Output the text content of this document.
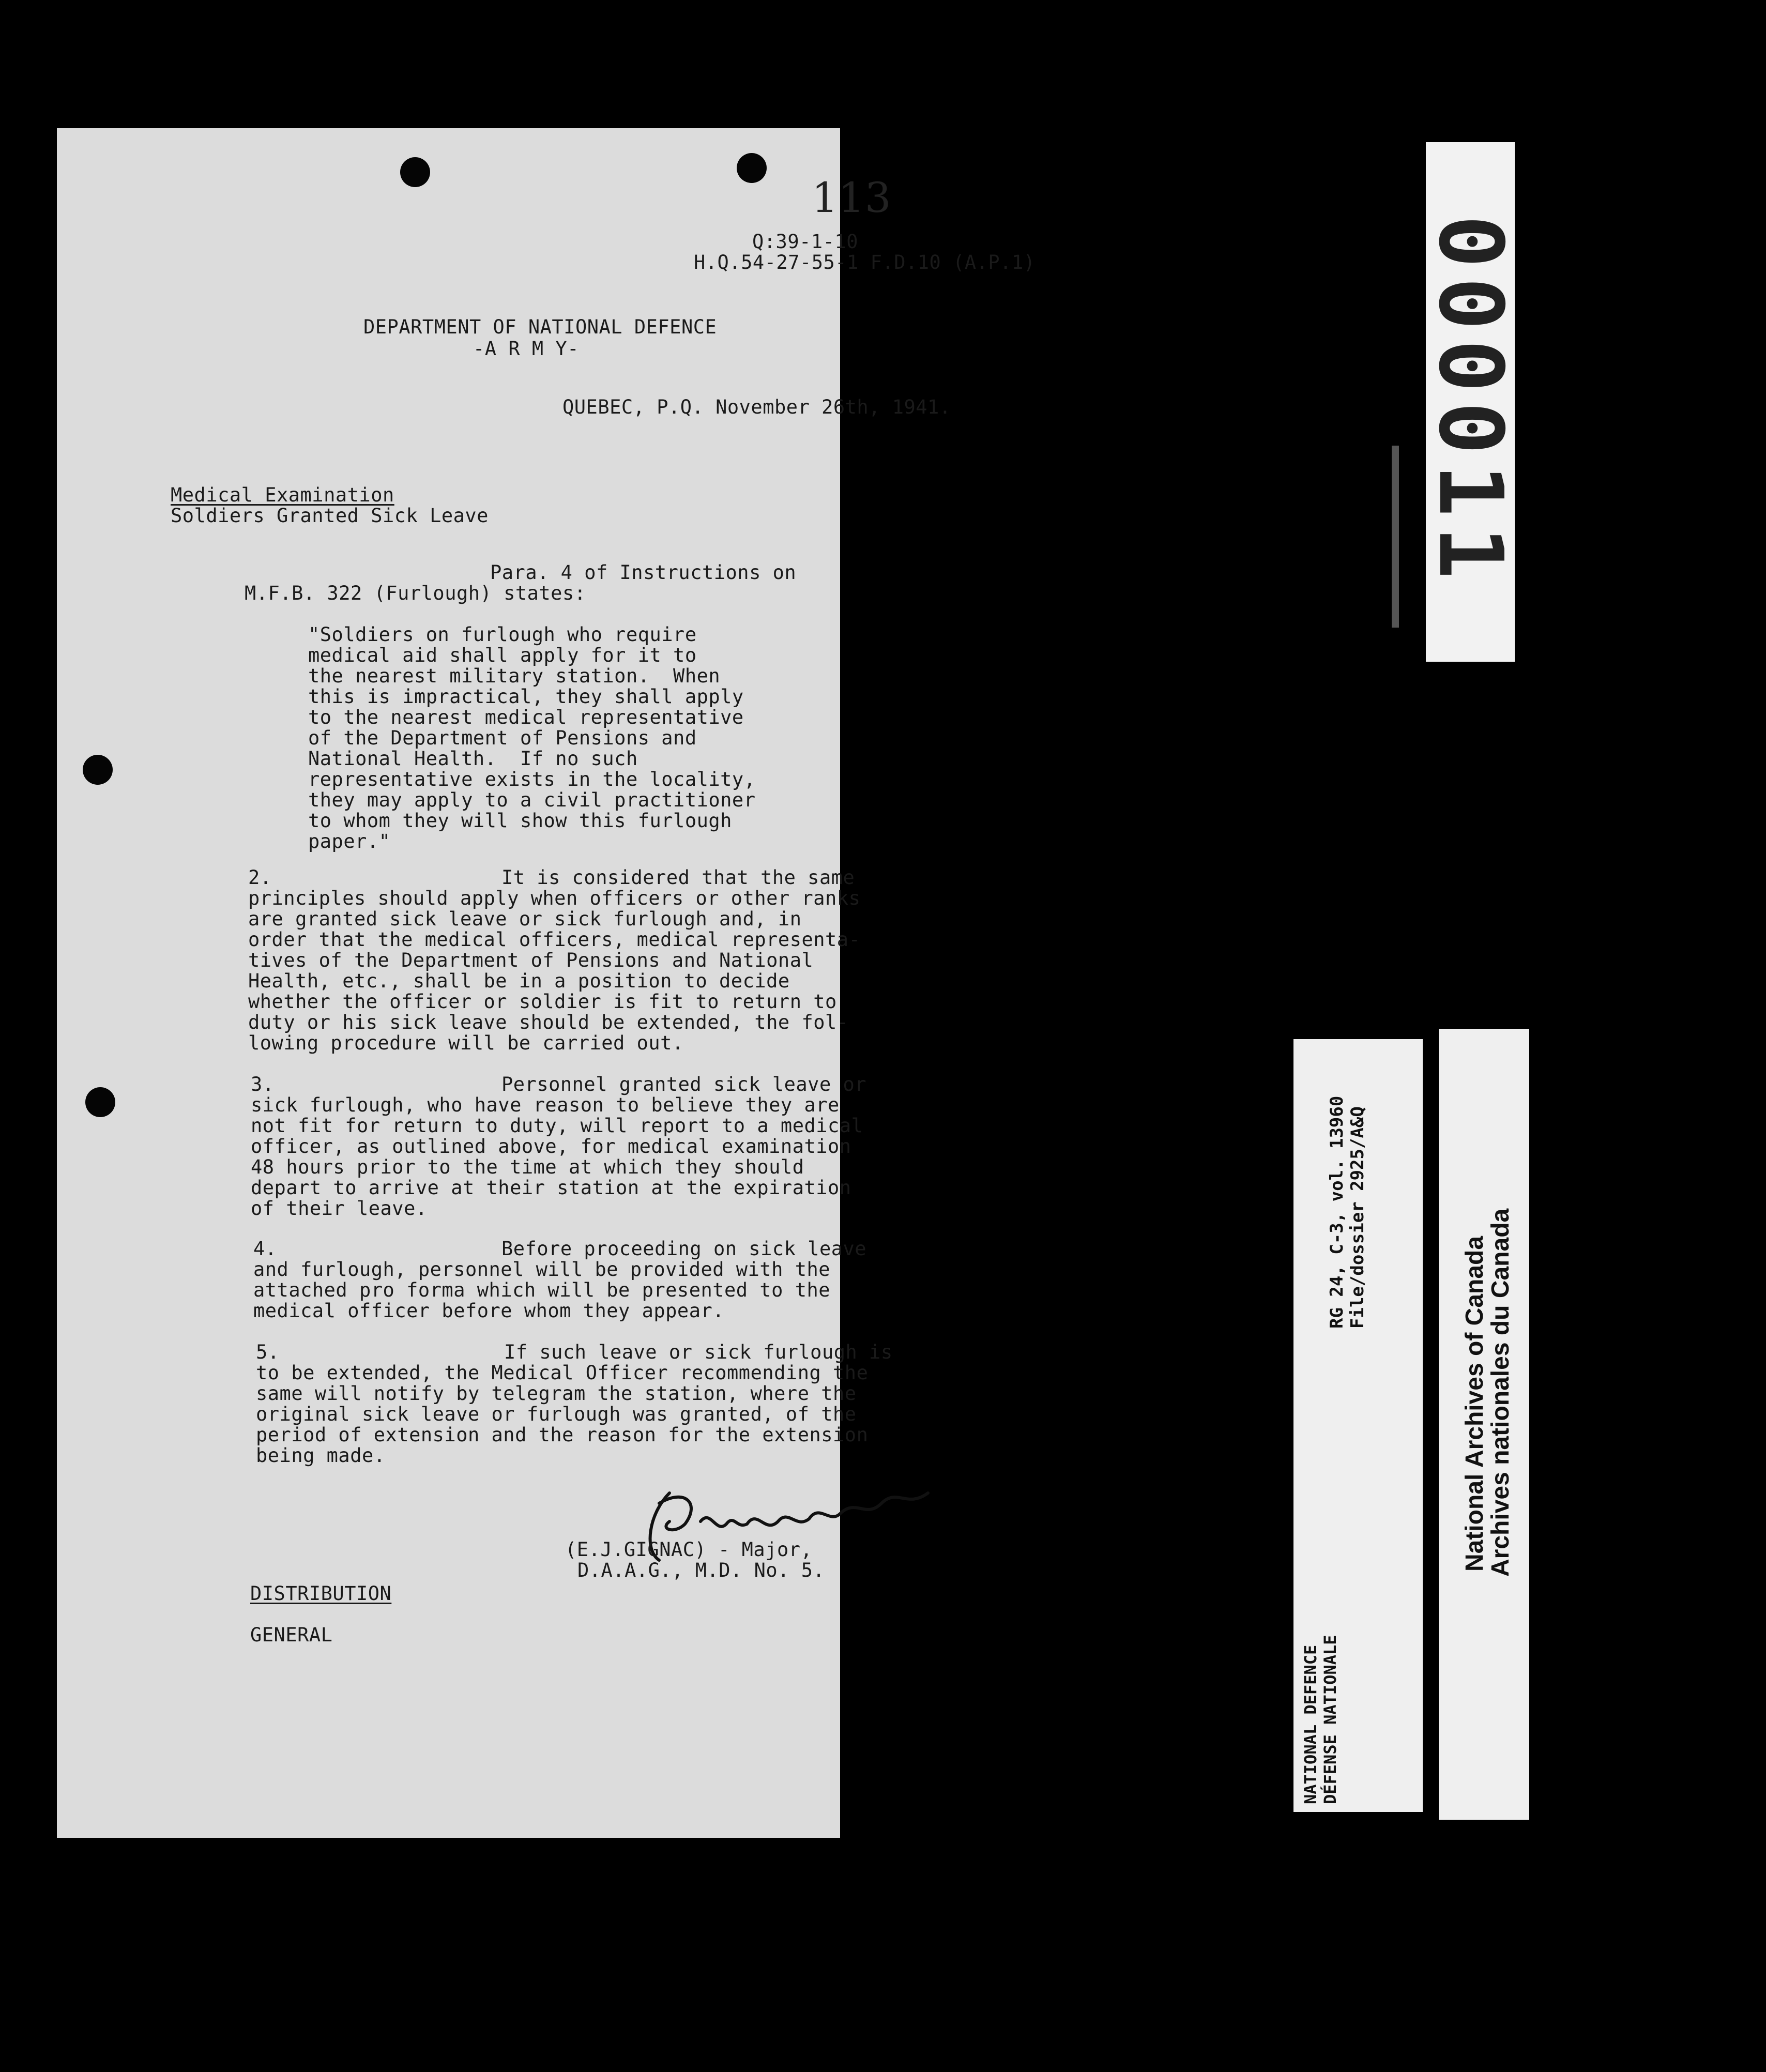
113
Q:39-1-10
H.Q.54-27-55-1 F.D.10 (A.P.1)
DEPARTMENT OF NATIONAL DEFENCE
-A R M Y-
QUEBEC, P.Q. November 26th, 1941.
Medical Examination
Soldiers Granted Sick Leave
Para. 4 of Instructions on
M.F.B. 322 (Furlough) states:
"Soldiers on furlough who require
medical aid shall apply for it to
the nearest military station.  When
this is impractical, they shall apply
to the nearest medical representative
of the Department of Pensions and
National Health.  If no such
representative exists in the locality,
they may apply to a civil practitioner
to whom they will show this furlough
paper."
2.	It is considered that the same
principles should apply when officers or other ranks
are granted sick leave or sick furlough and, in
order that the medical officers, medical representa-
tives of the Department of Pensions and National
Health, etc., shall be in a position to decide
whether the officer or soldier is fit to return to
duty or his sick leave should be extended, the fol-
lowing procedure will be carried out.
3.	Personnel granted sick leave or
sick furlough, who have reason to believe they are
not fit for return to duty, will report to a medical
officer, as outlined above, for medical examination
48 hours prior to the time at which they should
depart to arrive at their station at the expiration
of their leave.
4.	Before proceeding on sick leave
and furlough, personnel will be provided with the
attached pro forma which will be presented to the
medical officer before whom they appear.
5.	If such leave or sick furlough is
to be extended, the Medical Officer recommending the
same will notify by telegram the station, where the
original sick leave or furlough was granted, of the
period of extension and the reason for the extension
being made.
(E.J.GIGNAC) - Major,
D.A.A.G., M.D. No. 5.
DISTRIBUTION
GENERAL
000011
RG 24, C-3, vol. 13960 File/dossier 2925/A&Q
NATIONAL DEFENCE DÉFENSE NATIONALE
National Archives of Canada
Archives nationales du Canada
